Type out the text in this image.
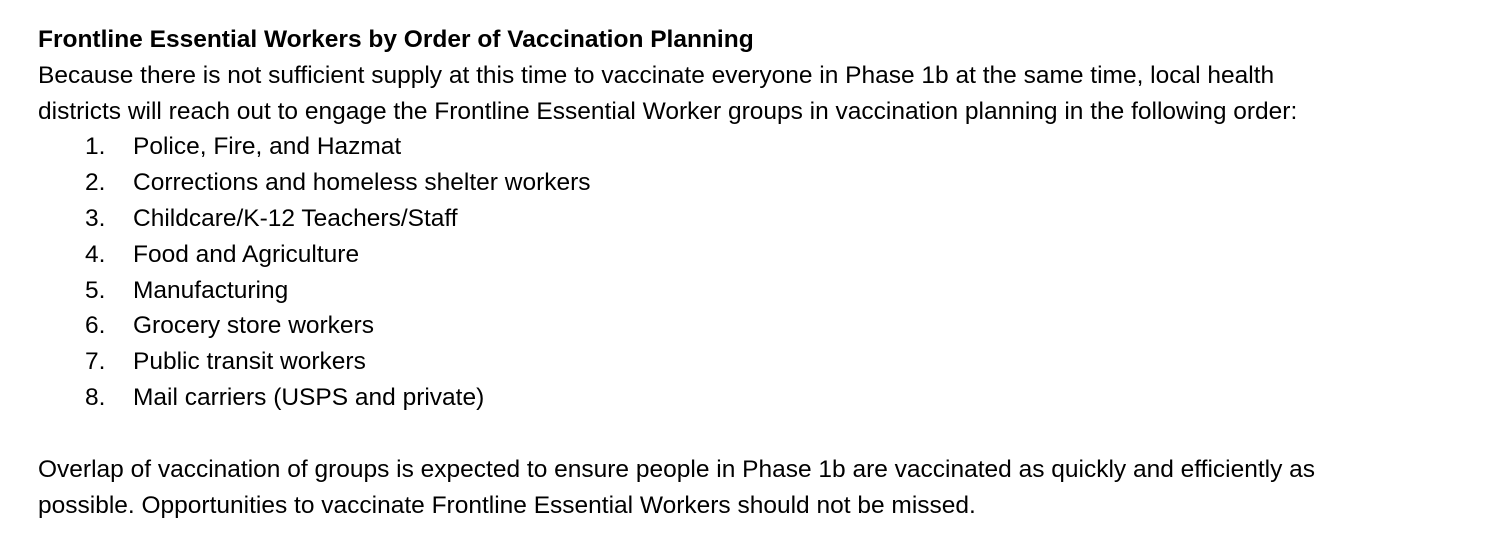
Frontline Essential Workers by Order of Vaccination Planning

Because there is not sufficient supply at this time to vaccinate everyone in Phase 1b at the same time, local health
districts will reach out to engage the Frontline Essential Worker groups in vaccination planning in the following order:

1.	Police, Fire, and Hazmat
2.	Corrections and homeless shelter workers
3.	Childcare/K-12 Teachers/Staff
4.	Food and Agriculture
5.	Manufacturing
6.	Grocery store workers
7.	Public transit workers
8.	Mail carriers (USPS and private)

Overlap of vaccination of groups is expected to ensure people in Phase 1b are vaccinated as quickly and efficiently as
possible. Opportunities to vaccinate Frontline Essential Workers should not be missed.
